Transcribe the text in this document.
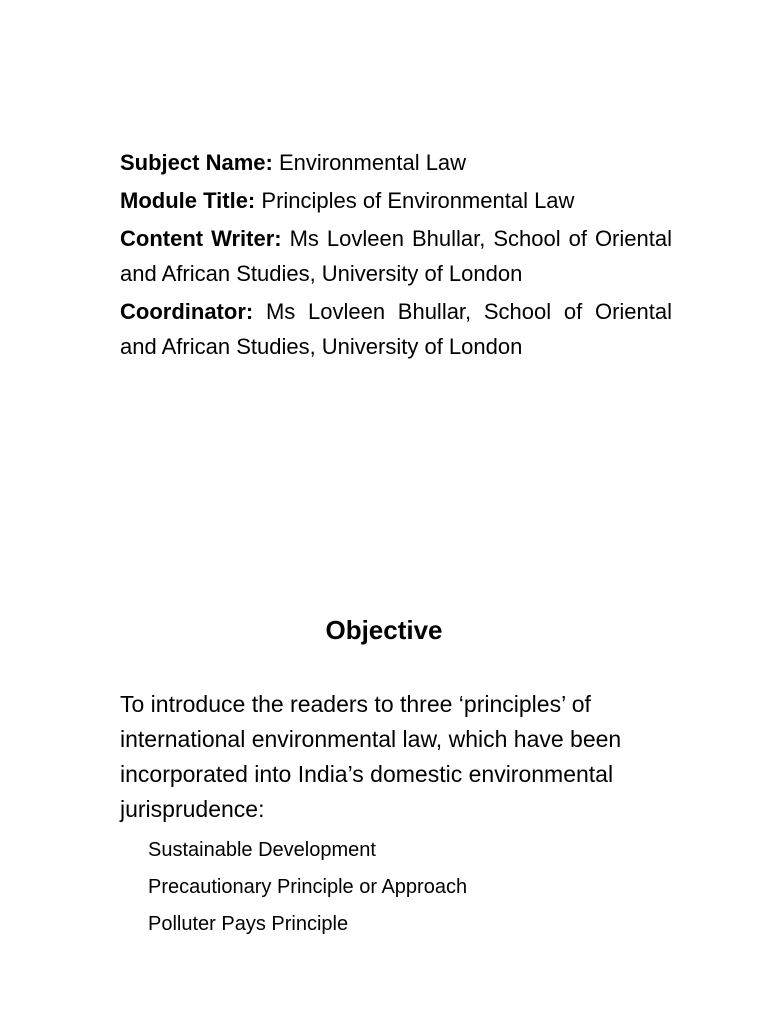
Subject Name: Environmental Law

Module Title: Principles of Environmental Law

Content Writer: Ms Lovleen Bhullar, School of Oriental and African Studies, University of London

Coordinator: Ms Lovleen Bhullar, School of Oriental and African Studies, University of London

Objective

To introduce the readers to three ‘principles’ of international environmental law, which have been incorporated into India’s domestic environmental jurisprudence:

Sustainable Development
Precautionary Principle or Approach
Polluter Pays Principle
